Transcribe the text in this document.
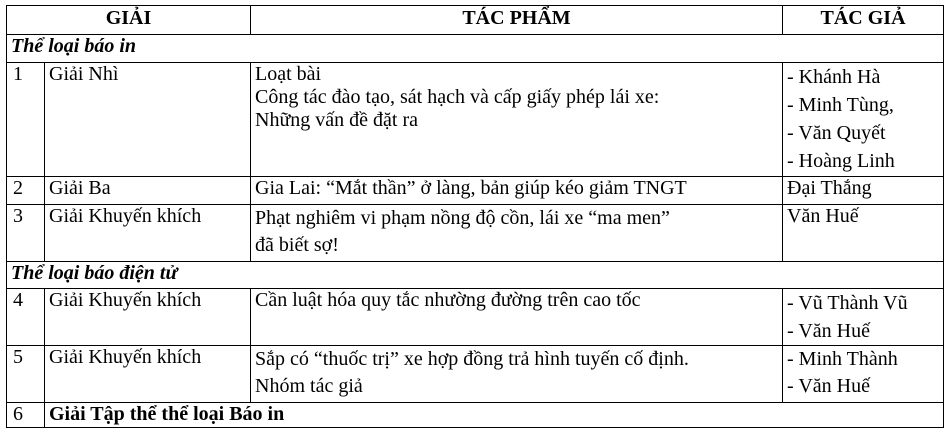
GIẢI		TÁC PHẨM	TÁC GIẢ
Thể loại báo in			
1	Giải Nhì	Loạt bài
Công tác đào tạo, sát hạch và cấp giấy phép lái xe:
Những vấn đề đặt ra	- Khánh Hà
- Minh Tùng,
- Văn Quyết
- Hoàng Linh

2	Giải Ba	Gia Lai: “Mắt thần” ở làng, bản giúp kéo giảm TNGT	Đại Thắng

3	Giải Khuyến khích	Phạt nghiêm vi phạm nồng độ cồn, lái xe “ma men”
đã biết sợ!	Văn Huế

Thể loại báo điện tử			
4	Giải Khuyến khích	Cần luật hóa quy tắc nhường đường trên cao tốc	- Vũ Thành Vũ
- Văn Huế

5	Giải Khuyến khích	Sắp có “thuốc trị” xe hợp đồng trả hình tuyến cố định.
Nhóm tác giả	- Minh Thành
- Văn Huế

6	Giải Tập thể thể loại Báo in		
